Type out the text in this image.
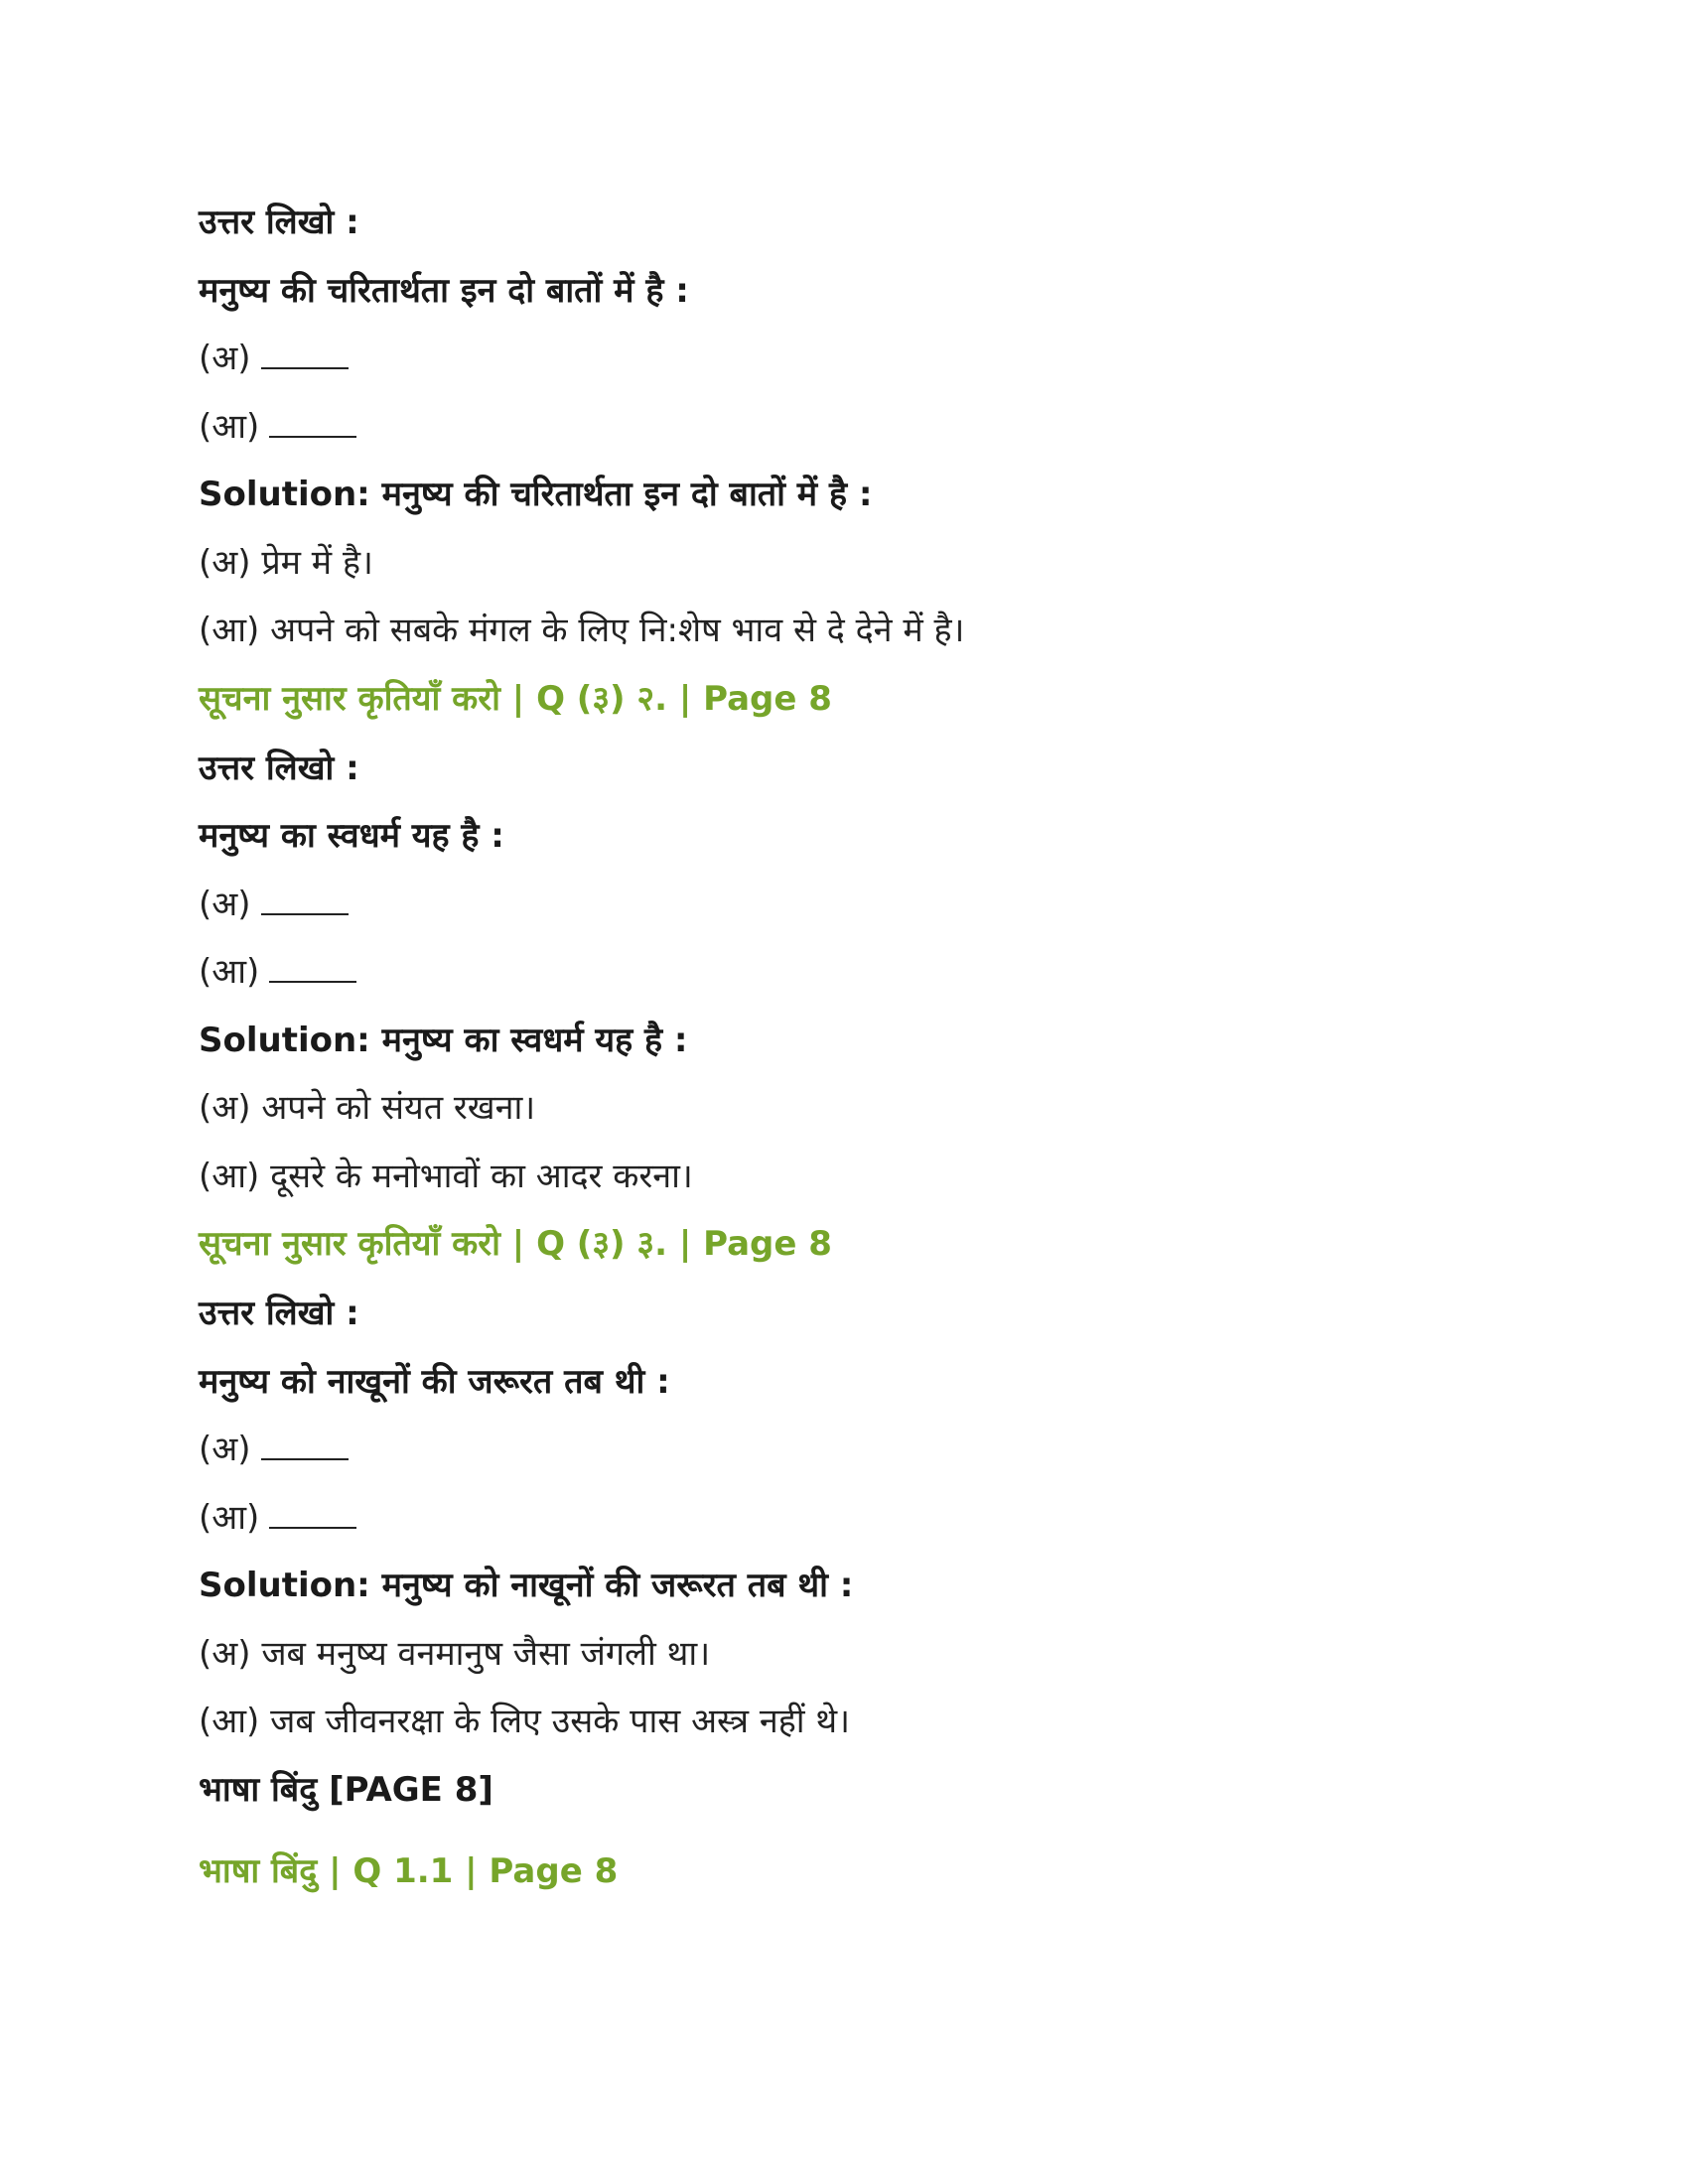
उत्तर लिखो :
मनुष्य की चरितार्थता इन दो बातों में है :
(अ)
(आ)
Solution: मनुष्य की चरितार्थता इन दो बातों में है :
(अ) प्रेम में है।
(आ) अपने को सबके मंगल के लिए नि:शेष भाव से दे देने में है।
सूचना नुसार कृतियाँ करो | Q (३) २. | Page 8
उत्तर लिखो :
मनुष्य का स्वधर्म यह है :
(अ)
(आ)
Solution: मनुष्य का स्वधर्म यह है :
(अ) अपने को संयत रखना।
(आ) दूसरे के मनोभावों का आदर करना।
सूचना नुसार कृतियाँ करो | Q (३) ३. | Page 8
उत्तर लिखो :
मनुष्य को नाखूनों की जरूरत तब थी :
(अ)
(आ)
Solution: मनुष्य को नाखूनों की जरूरत तब थी :
(अ) जब मनुष्य वनमानुष जैसा जंगली था।
(आ) जब जीवनरक्षा के लिए उसके पास अस्त्र नहीं थे।
भाषा बिंदु [PAGE 8]
भाषा बिंदु | Q 1.1 | Page 8
